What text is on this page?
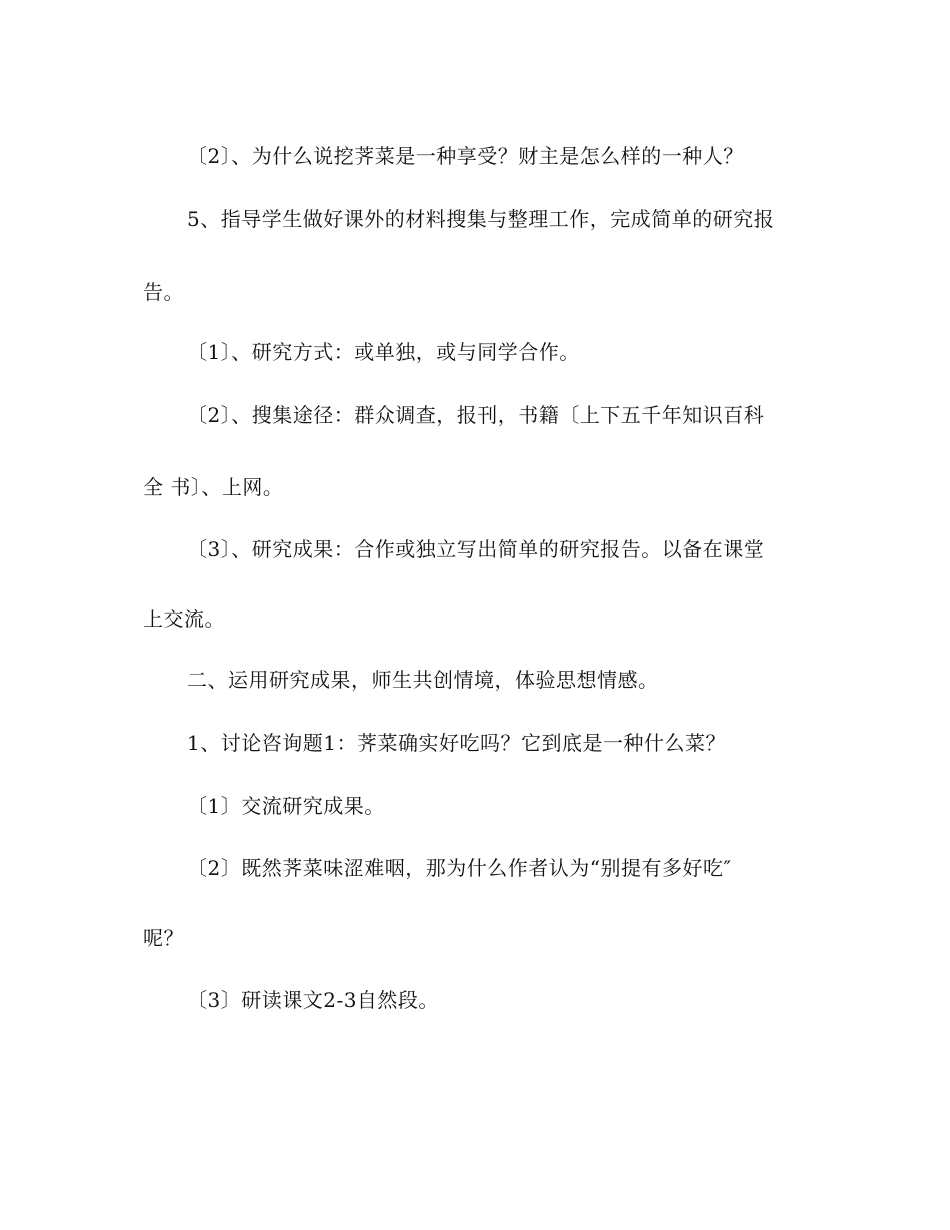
〔2〕、为什么说挖荠菜是一种享受？财主是怎么样的一种人？
5、指导学生做好课外的材料搜集与整理工作，完成简单的研究报
告。
〔1〕、研究方式：或单独，或与同学合作。
〔2〕、搜集途径：群众调查，报刊，书籍〔上下五千年知识百科
全 书〕、上网。
〔3〕、研究成果：合作或独立写出简单的研究报告。以备在课堂
上交流。
二、运用研究成果，师生共创情境，体验思想情感。
1、讨论咨询题1：荠菜确实好吃吗？它到底是一种什么菜？
〔1〕交流研究成果。
〔2〕既然荠菜味涩难咽，那为什么作者认为“别提有多好吃″
呢？
〔3〕研读课文2-3自然段。
